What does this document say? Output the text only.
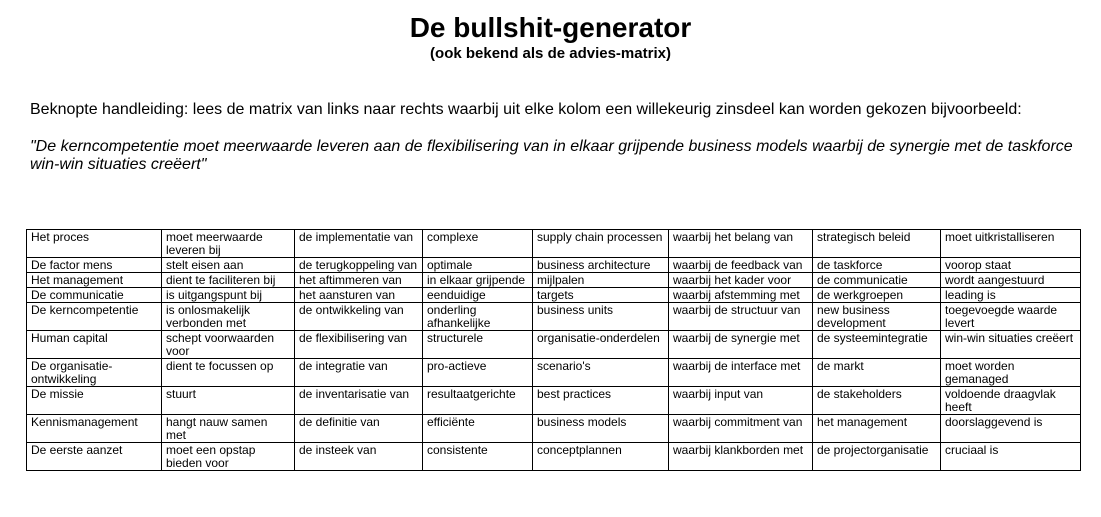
De bullshit-generator
(ook bekend als de advies-matrix)

Beknopte handleiding: lees de matrix van links naar rechts waarbij uit elke kolom een willekeurig zinsdeel kan worden gekozen bijvoorbeeld:

"De kerncompetentie moet meerwaarde leveren aan de flexibilisering van in elkaar grijpende business models waarbij de synergie met de taskforce win-win situaties creëert"

Het proces	moet meerwaarde leveren bij	de implementatie van	complexe	supply chain processen	waarbij het belang van	strategisch beleid	moet uitkristalliseren
De factor mens	stelt eisen aan	de terugkoppeling van	optimale	business architecture	waarbij de feedback van	de taskforce	voorop staat
Het management	dient te faciliteren bij	het aftimmeren van	in elkaar grijpende	mijlpalen	waarbij het kader voor	de communicatie	wordt aangestuurd
De communicatie	is uitgangspunt bij	het aansturen van	eenduidige	targets	waarbij afstemming met	de werkgroepen	leading is
De kerncompetentie	is onlosmakelijk verbonden met	de ontwikkeling van	onderling afhankelijke	business units	waarbij de structuur van	new business development	toegevoegde waarde levert
Human capital	schept voorwaarden voor	de flexibilisering van	structurele	organisatie-onderdelen	waarbij de synergie met	de systeemintegratie	win-win situaties creëert
De organisatie-ontwikkeling	dient te focussen op	de integratie van	pro-actieve	scenario's	waarbij de interface met	de markt	moet worden gemanaged
De missie	stuurt	de inventarisatie van	resultaatgerichte	best practices	waarbij input van	de stakeholders	voldoende draagvlak heeft
Kennismanagement	hangt nauw samen met	de definitie van	efficiënte	business models	waarbij commitment van	het management	doorslaggevend is
De eerste aanzet	moet een opstap bieden voor	de insteek van	consistente	conceptplannen	waarbij klankborden met	de projectorganisatie	cruciaal is
